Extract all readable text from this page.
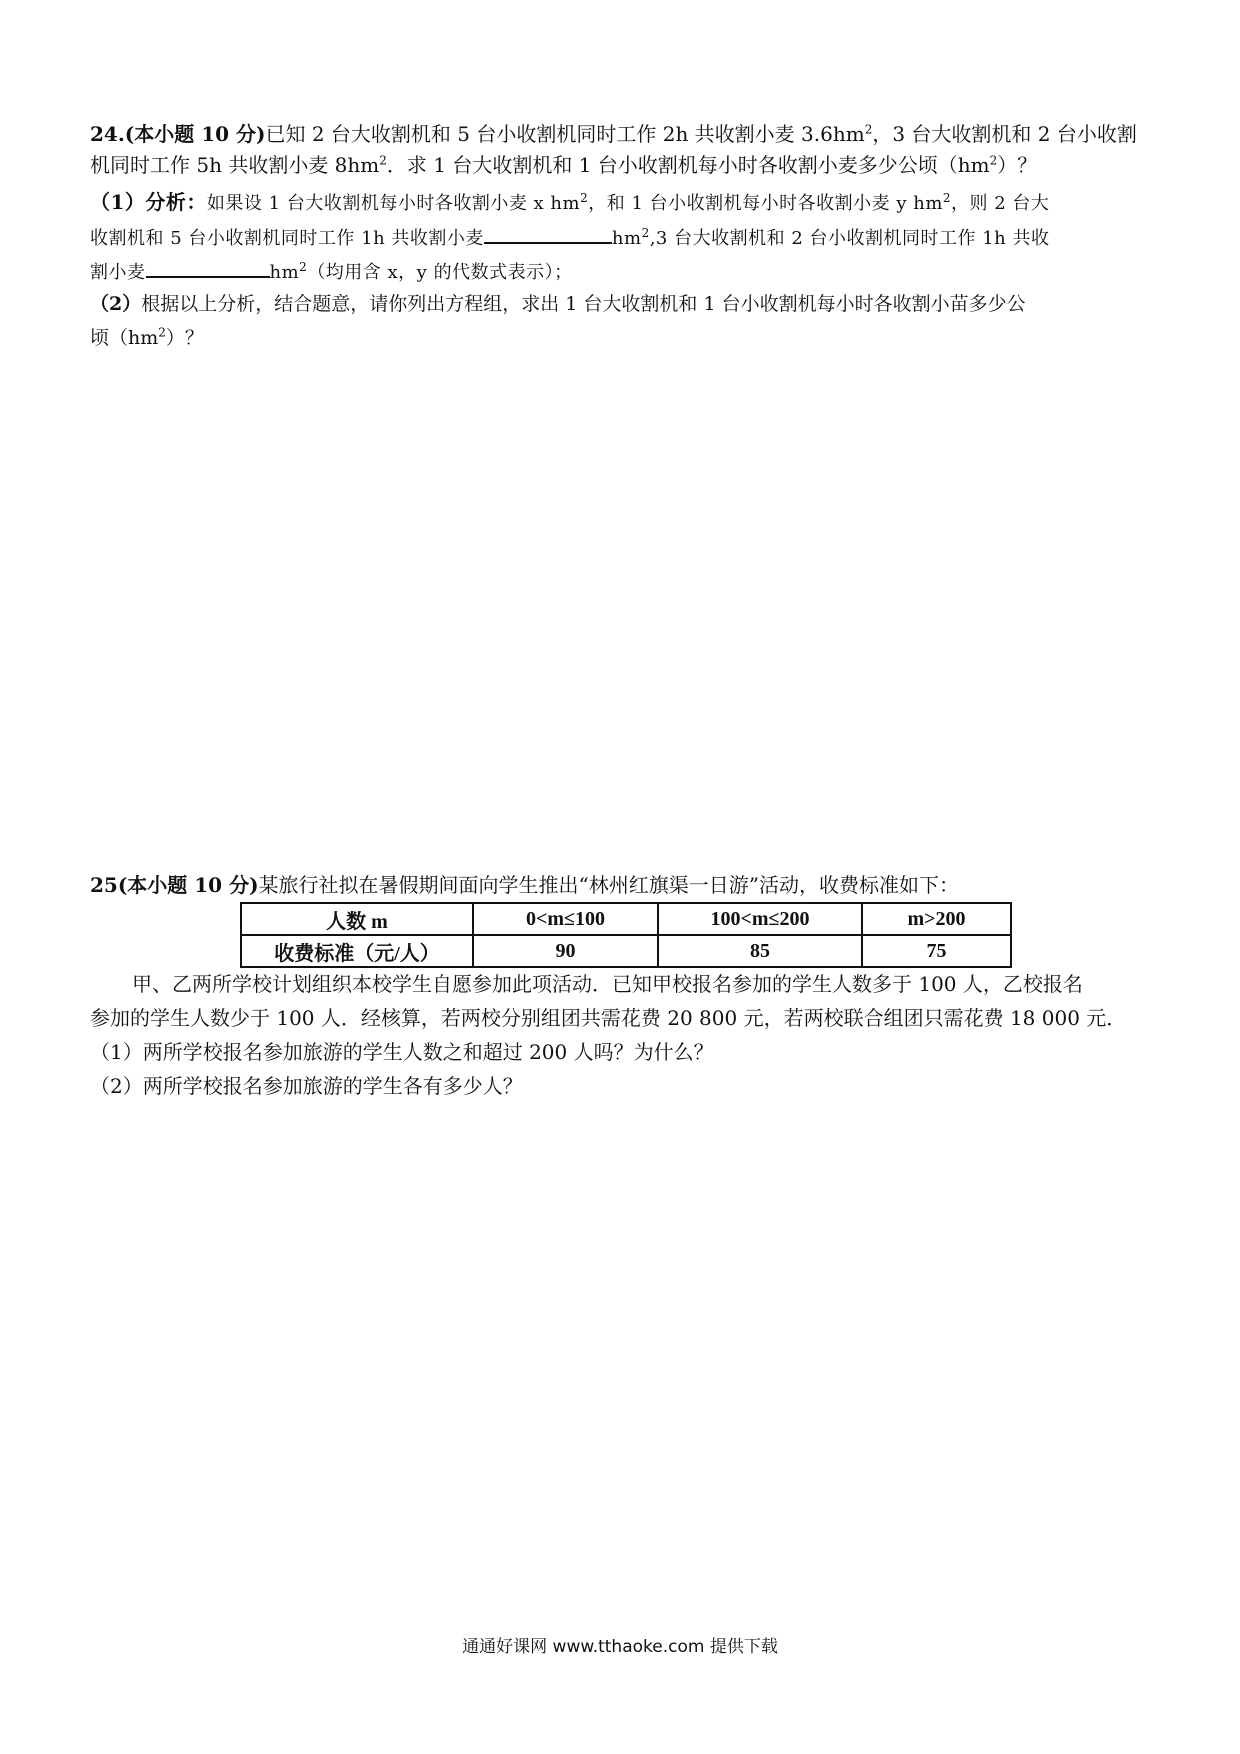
24.(本小题 10 分)已知 2 台大收割机和 5 台小收割机同时工作 2h 共收割小麦 $3.6hm^2$，3 台大收割机和 2 台小收割
机同时工作 5h 共收割小麦 $8hm^2$．求 1 台大收割机和 1 台小收割机每小时各收割小麦多少公顷$(hm^2)$？
（1）分析：如果设 1 台大收割机每小时各收割小麦 x $hm^2$，和 1 台小收割机每小时各收割小麦 y $hm^2$，则 2 台大
收割机和 5 台小收割机同时工作 1h 共收割小麦	$hm^2,3$ 台大收割机和 2 台小收割机同时工作 1h 共收
割小麦	$hm^2$（均用含 x，y 的代数式表示）；
（2）根据以上分析，结合题意，请你列出方程组，求出 1 台大收割机和 1 台小收割机每小时各收割小苗多少公
顷$(hm^2)$？
25(本小题 10 分)某旅行社拟在暑假期间面向学生推出“林州红旗渠一日游”活动，收费标准如下：
人数 m	0<m≤100	100<m≤200	m>200
收费标准（元/人）	90	85	75
甲、乙两所学校计划组织本校学生自愿参加此项活动．已知甲校报名参加的学生人数多于 100 人，乙校报名
参加的学生人数少于 100 人．经核算，若两校分别组团共需花费 20 800 元，若两校联合组团只需花费 18 000 元．
（1）两所学校报名参加旅游的学生人数之和超过 200 人吗？为什么？
（2）两所学校报名参加旅游的学生各有多少人？
通通好课网 www.tthaoke.com 提供下载
